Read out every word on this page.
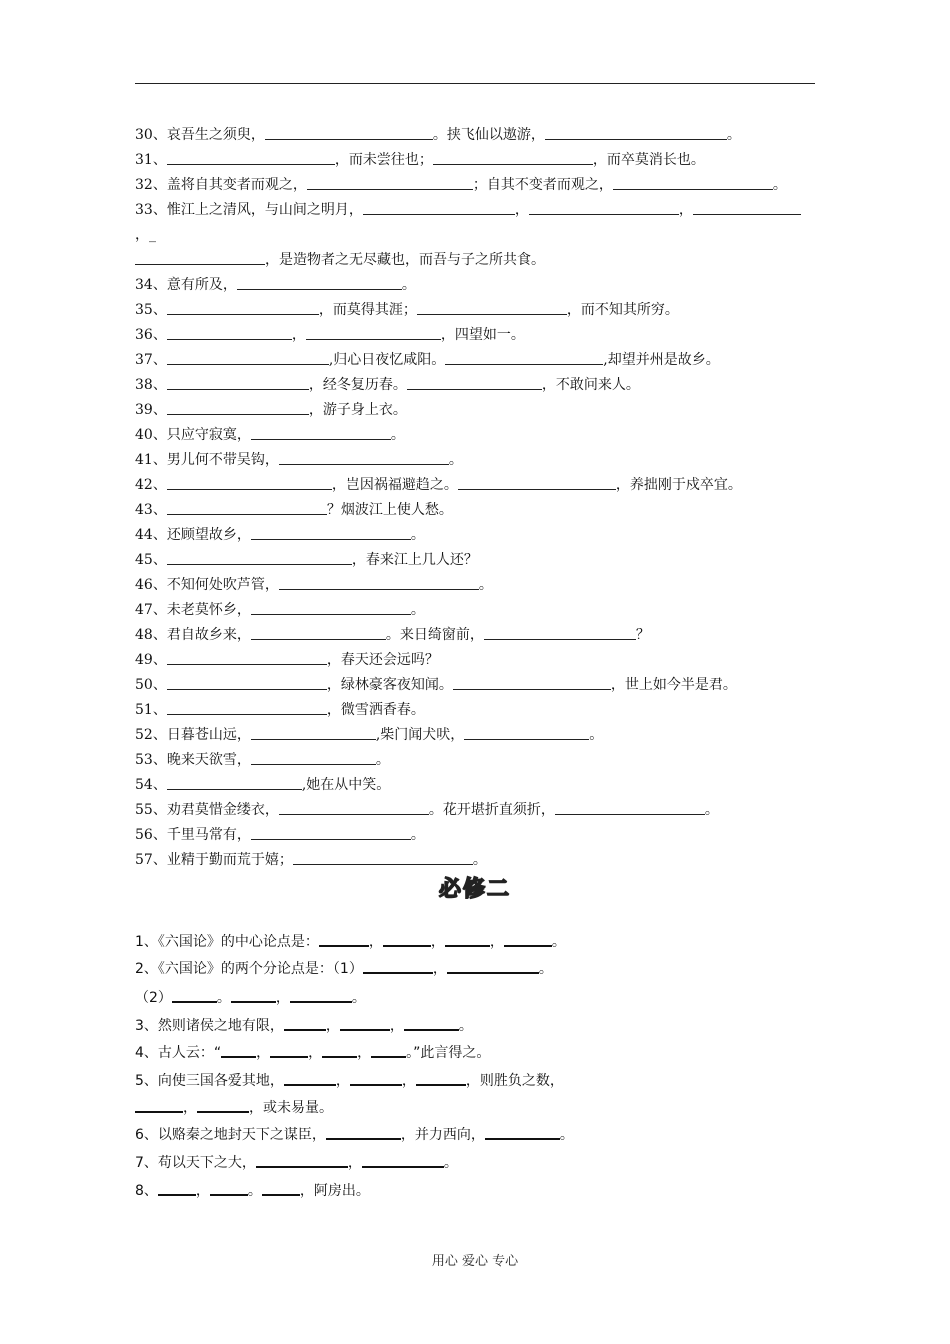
30、哀吾生之须臾，	。挟飞仙以遨游，	。
31、	，而未尝往也；	，而卒莫消长也。
32、盖将自其变者而观之，	；自其不变者而观之，	。
33、惟江上之清风，与山间之明月，	，	，
，_
，是造物者之无尽藏也，而吾与子之所共食。
34、意有所及，	。
35、	，而莫得其涯；	，而不知其所穷。
36、	，	，四望如一。
37、	,归心日夜忆咸阳。	,却望并州是故乡。
38、	，经冬复历春。	，不敢问来人。
39、	，游子身上衣。
40、只应守寂寞，	。
41、男儿何不带吴钩，	。
42、	，岂因祸福避趋之。	，养拙刚于戍卒宜。
43、	？烟波江上使人愁。
44、还顾望故乡，	。
45、	，春来江上几人还？
46、不知何处吹芦管，	。
47、未老莫怀乡，	。
48、君自故乡来，	。来日绮窗前，	？
49、	，春天还会远吗？
50、	，绿林豪客夜知闻。	，世上如今半是君。
51、	，微雪洒香春。
52、日暮苍山远，	,柴门闻犬吠，	。
53、晚来天欲雪，	。
54、	,她在从中笑。
55、劝君莫惜金缕衣，	。花开堪折直须折，	。
56、千里马常有，	。
57、业精于勤而荒于嬉；	。
必修二
1、《六国论》的中心论点是：	，	，	，	。
2、《六国论》的两个分论点是：（1）	，	。
（2）	。	，	。
3、然则诸侯之地有限，	，	，	。
4、古人云：“	，	，	，	。”此言得之。
5、向使三国各爱其地，	，	，	，则胜负之数，
，	，或未易量。
6、以赂秦之地封天下之谋臣，	，并力西向，	。
7、苟以天下之大，	，	。
8、	，	。	，阿房出。
用心 爱心 专心
